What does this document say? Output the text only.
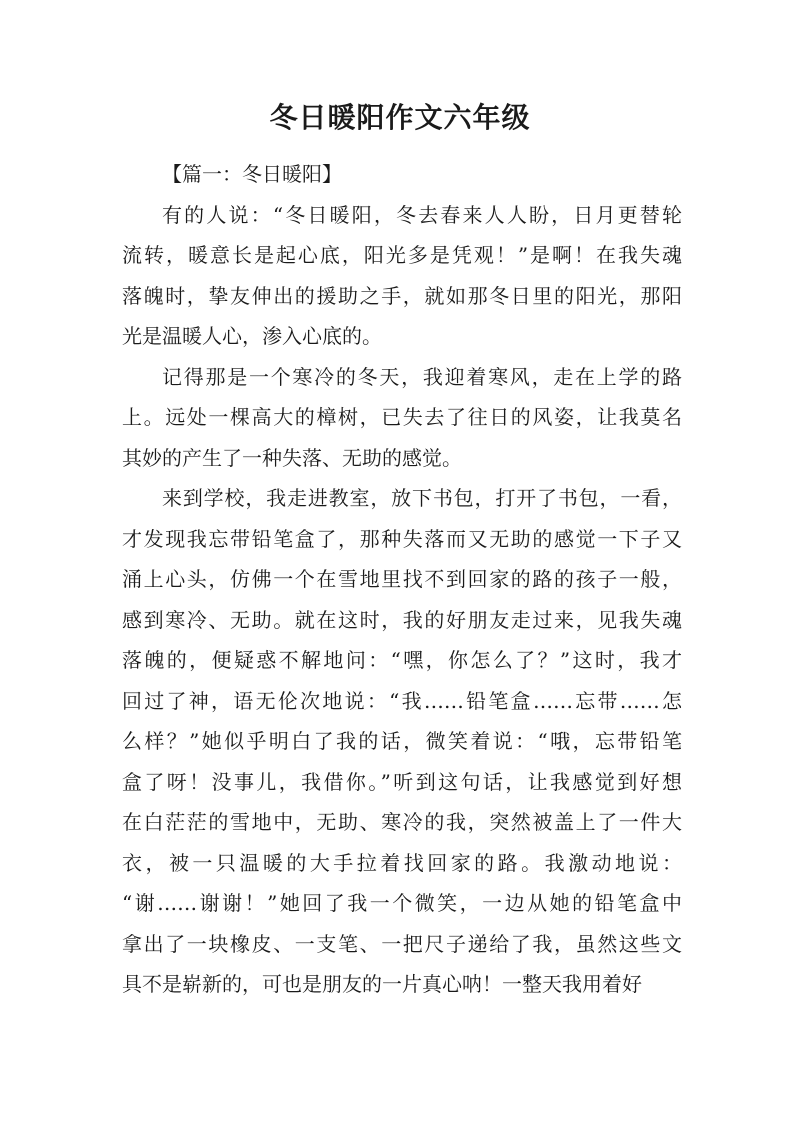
冬日暖阳作文六年级

【篇一：冬日暖阳】

有的人说：“冬日暖阳，冬去春来人人盼，日月更替轮
流转，暖意长是起心底，阳光多是凭观！”是啊！在我失魂
落魄时，挚友伸出的援助之手，就如那冬日里的阳光，那阳
光是温暖人心，渗入心底的。

记得那是一个寒冷的冬天，我迎着寒风，走在上学的路
上。远处一棵高大的樟树，已失去了往日的风姿，让我莫名
其妙的产生了一种失落、无助的感觉。

来到学校，我走进教室，放下书包，打开了书包，一看，
才发现我忘带铅笔盒了，那种失落而又无助的感觉一下子又
涌上心头，仿佛一个在雪地里找不到回家的路的孩子一般，
感到寒冷、无助。就在这时，我的好朋友走过来，见我失魂
落魄的，便疑惑不解地问：“嘿，你怎么了？”这时，我才
回过了神，语无伦次地说：“我……铅笔盒……忘带……怎
么样？”她似乎明白了我的话，微笑着说：“哦，忘带铅笔
盒了呀！没事儿，我借你。”听到这句话，让我感觉到好想
在白茫茫的雪地中，无助、寒冷的我，突然被盖上了一件大
衣，被一只温暖的大手拉着找回家的路。我激动地说：
“谢……谢谢！”她回了我一个微笑，一边从她的铅笔盒中
拿出了一块橡皮、一支笔、一把尺子递给了我，虽然这些文
具不是崭新的，可也是朋友的一片真心呐！一整天我用着好
